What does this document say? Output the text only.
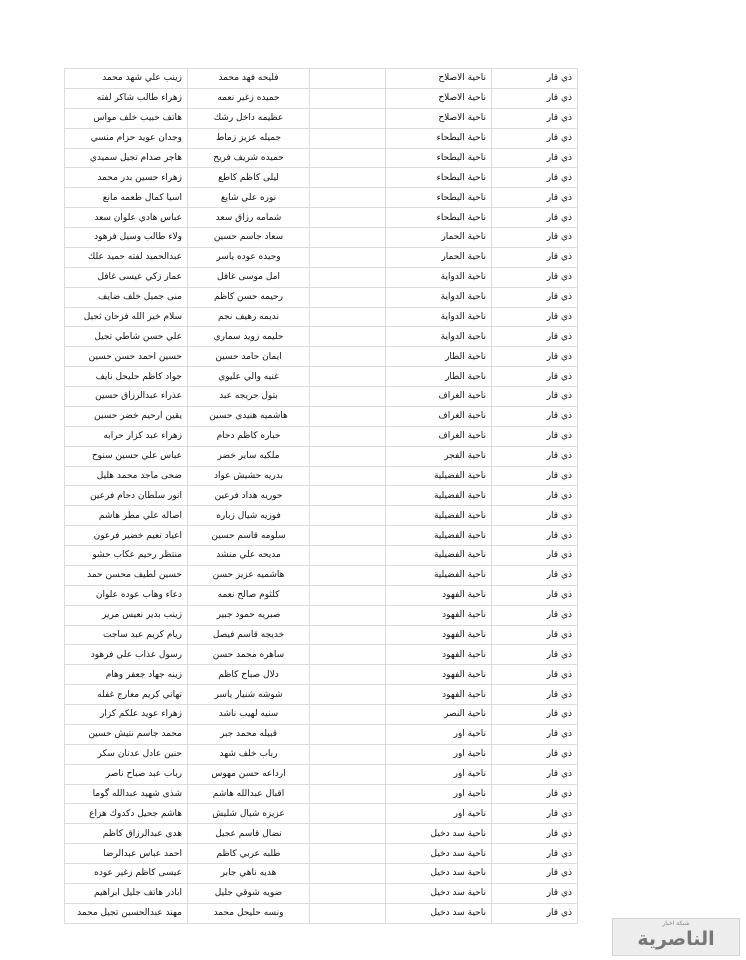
ذي قار	ناحية الاصلاح		فليحه فهد محمد	زينب علي شهد محمد
ذي قار	ناحية الاصلاح		حميده زغير نعمه	زهراء طالب شاكر لفته
ذي قار	ناحية الاصلاح		عظيمه داخل رشك	هاتف حبيب خلف مواس
ذي قار	ناحية البطحاء		جميله عزيز زماط	وجدان عويد حزام منسي
ذي قار	ناحية البطحاء		حميده شريف فريح	هاجر صدام تجيل سميدي
ذي قار	ناحية البطحاء		ليلى كاظم كاطع	زهراء حسين بدر محمد
ذي قار	ناحية البطحاء		نوره علي شايع	اسيا كمال طعمه مانع
ذي قار	ناحية البطحاء		شمامه رزاق سعد	عباس هادي علوان سعد
ذي قار	ناحية الحمار		سعاد جاسم حسين	ولاء طالب وسيل فرهود
ذي قار	ناحية الحمار		وحيده عوده ياسر	عبدالحميد لفته حميد علك
ذي قار	ناحية الدواية		امل موسى غافل	عمار زكي عيسى غافل
ذي قار	ناحية الدواية		رحيمه حسن كاظم	منى جميل خلف ضايف
ذي قار	ناحية الدواية		نديمه رهيف نجم	سلام خير الله فرحان ثجيل
ذي قار	ناحية الدواية		حليمه زويد سماري	علي حسن شاطي تجيل
ذي قار	ناحية الطار		ايمان حامد حسين	حسين احمد حسن حسين
ذي قار	ناحية الطار		غنيه والي عليوي	جواد كاظم حليحل نايف
ذي قار	ناحية الغراف		بتول حريجه عبد	عذراء عبدالرزاق حسين
ذي قار	ناحية الغراف		هاشميه هنيدي حسين	يقين ارحيم خضر حسين
ذي قار	ناحية الغراف		حباره كاظم دحام	زهراء عبد كزار حرابه
ذي قار	ناحية الفجر		ملكيه ساير خضر	عباس علي حسين سنوح
ذي قار	ناحية الفضيلية		بدريه حشيش عواد	ضحى ماجد محمد هليل
ذي قار	ناحية الفضيلية		حوريه هداد فرعين	انور سلطان دحام فرعين
ذي قار	ناحية الفضيلية		فوزيه شيال زباره	اصاله علي مطر هاشم
ذي قار	ناحية الفضيلية		سلومه قاسم حسين	اعياد نعيم خضير فرعون
ذي قار	ناحية الفضيلية		مديحه علي منشد	منتظر رحيم عكاب حشو
ذي قار	ناحية الفضيلية		هاشميه عزيز حسن	حسين لطيف محسن حمد
ذي قار	ناحية الفهود		كلثوم صالح نعمه	دعاء وهاب عوده علوان
ذي قار	ناحية الفهود		صبريه حمود جبير	زينب بدير نعيس مرير
ذي قار	ناحية الفهود		خديجه قاسم فيصل	ريام كريم عبد ساجت
ذي قار	ناحية الفهود		ساهره محمد حسن	رسول عذاب علي فرهود
ذي قار	ناحية الفهود		دلال صباح كاظم	زينه جهاد جعفر وهام
ذي قار	ناحية الفهود		شوشه شنيار ياسر	تهاني كريم معارج غفله
ذي قار	ناحية النصر		سنيه لهيب ناشد	زهراء عويد علكم كزار
ذي قار	ناحية اور		قبيله محمد جبر	محمد جاسم نتيش حسين
ذي قار	ناحية اور		رباب خلف شهد	حنين عادل عدنان سكر
ذي قار	ناحية اور		ارداعه حسن مهوس	رباب عبد صباح ناصر
ذي قار	ناحية اور		اقبال عبدالله هاشم	شذى شهيد عبدالله گوما
ذي قار	ناحية اور		عزيزه شيال شليش	هاشم جحيل دكدوك هزاع
ذي قار	ناحية سد دخيل		نضال قاسم عجيل	هدى عبدالرزاق كاظم
ذي قار	ناحية سد دخيل		طلبه عربي كاظم	احمد عباس عبدالرضا
ذي قار	ناحية سد دخيل		هديه ناهي جابر	عيسى كاظم زغير عوده
ذي قار	ناحية سد دخيل		ضويه شوقي جليل	ابادر هاتف جليل ابراهيم
ذي قار	ناحية سد دخيل		ونسه حليحل محمد	مهند عبدالحسين تجيل محمد
شبكة اخبار
الناصرية
